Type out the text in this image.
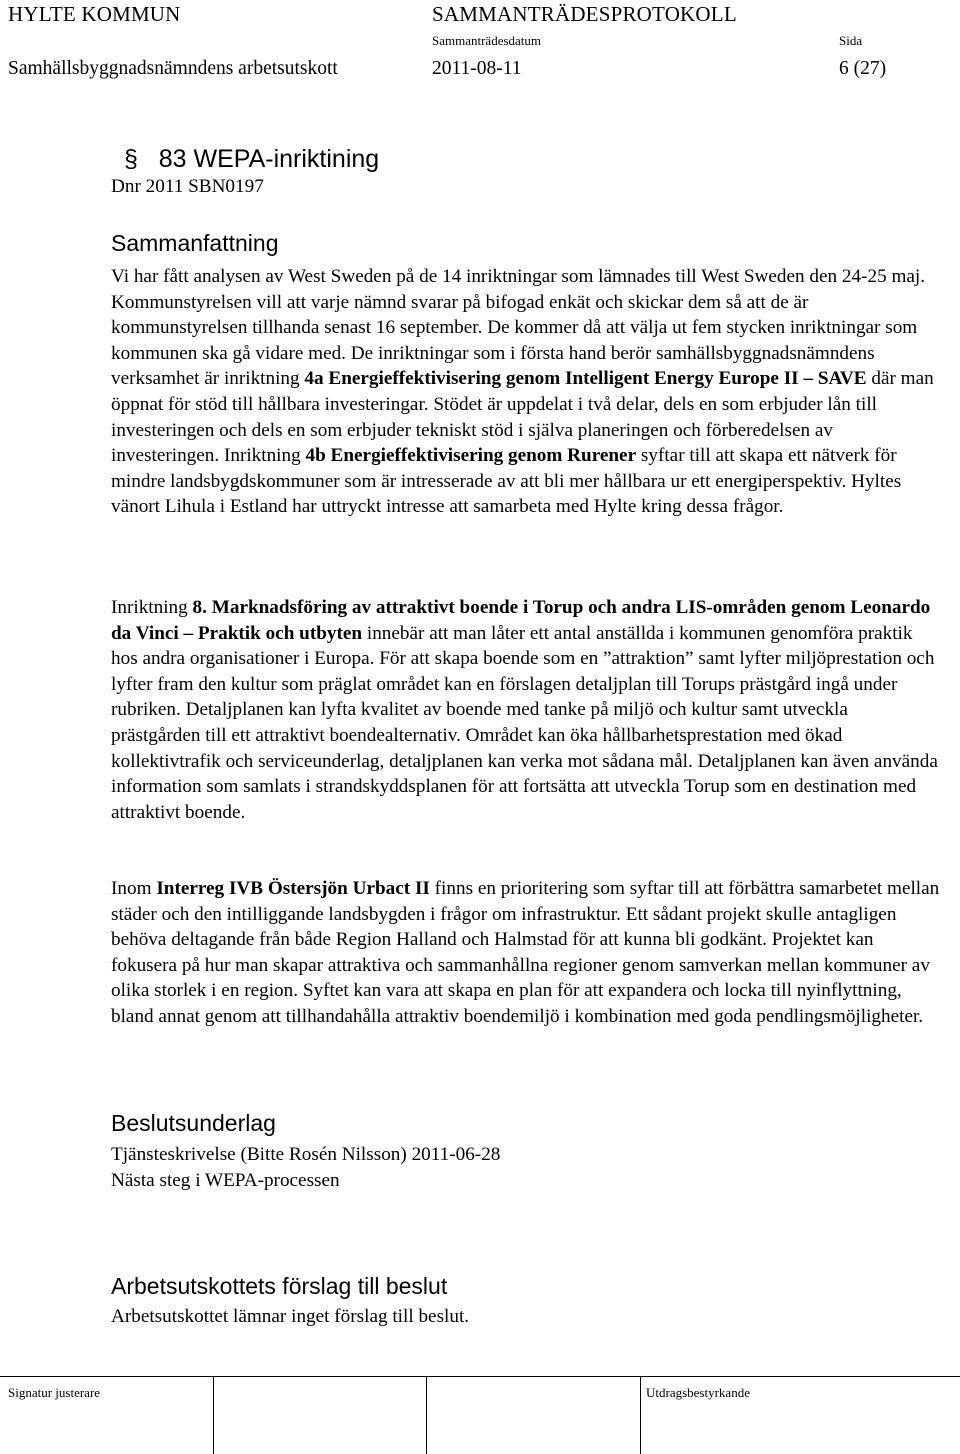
HYLTE KOMMUN	SAMMANTRÄDESPROTOKOLL
Sammanträdesdatum	Sida
Samhällsbyggnadsnämndens arbetsutskott	2011-08-11	6 (27)
§ 83 WEPA-inriktining
Dnr 2011 SBN0197
Sammanfattning

Vi har fått analysen av West Sweden på de 14 inriktningar som lämnades till West Sweden den 24-25 maj. Kommunstyrelsen vill att varje nämnd svarar på bifogad enkät och skickar dem så att de är kommunstyrelsen tillhanda senast 16 september. De kommer då att välja ut fem stycken inriktningar som kommunen ska gå vidare med. De inriktningar som i första hand berör samhällsbyggnadsnämndens verksamhet är inriktning 4a Energieffektivisering genom Intelligent Energy Europe II – SAVE där man öppnat för stöd till hållbara investeringar. Stödet är uppdelat i två delar, dels en som erbjuder lån till investeringen och dels en som erbjuder tekniskt stöd i själva planeringen och förberedelsen av investeringen. Inriktning 4b Energieffektivisering genom Rurener syftar till att skapa ett nätverk för mindre landsbygdskommuner som är intresserade av att bli mer hållbara ur ett energiperspektiv. Hyltes vänort Lihula i Estland har uttryckt intresse att samarbeta med Hylte kring dessa frågor.

Inriktning 8. Marknadsföring av attraktivt boende i Torup och andra LIS-områden genom Leonardo da Vinci – Praktik och utbyten innebär att man låter ett antal anställda i kommunen genomföra praktik hos andra organisationer i Europa. För att skapa boende som en ”attraktion” samt lyfter miljöprestation och lyfter fram den kultur som präglat området kan en förslagen detaljplan till Torups prästgård ingå under rubriken. Detaljplanen kan lyfta kvalitet av boende med tanke på miljö och kultur samt utveckla prästgården till ett attraktivt boendealternativ. Området kan öka hållbarhetsprestation med ökad kollektivtrafik och serviceunderlag, detaljplanen kan verka mot sådana mål. Detaljplanen kan även använda information som samlats i strandskyddsplanen för att fortsätta att utveckla Torup som en destination med attraktivt boende.

Inom Interreg IVB Östersjön Urbact II finns en prioritering som syftar till att förbättra samarbetet mellan städer och den intilliggande landsbygden i frågor om infrastruktur. Ett sådant projekt skulle antagligen behöva deltagande från både Region Halland och Halmstad för att kunna bli godkänt. Projektet kan fokusera på hur man skapar attraktiva och sammanhållna regioner genom samverkan mellan kommuner av olika storlek i en region. Syftet kan vara att skapa en plan för att expandera och locka till nyinflyttning, bland annat genom att tillhandahålla attraktiv boendemiljö i kombination med goda pendlingsmöjligheter.

Beslutsunderlag
Tjänsteskrivelse (Bitte Rosén Nilsson) 2011-06-28
Nästa steg i WEPA-processen
Arbetsutskottets förslag till beslut
Arbetsutskottet lämnar inget förslag till beslut.
Signatur justerare	Utdragsbestyrkande
